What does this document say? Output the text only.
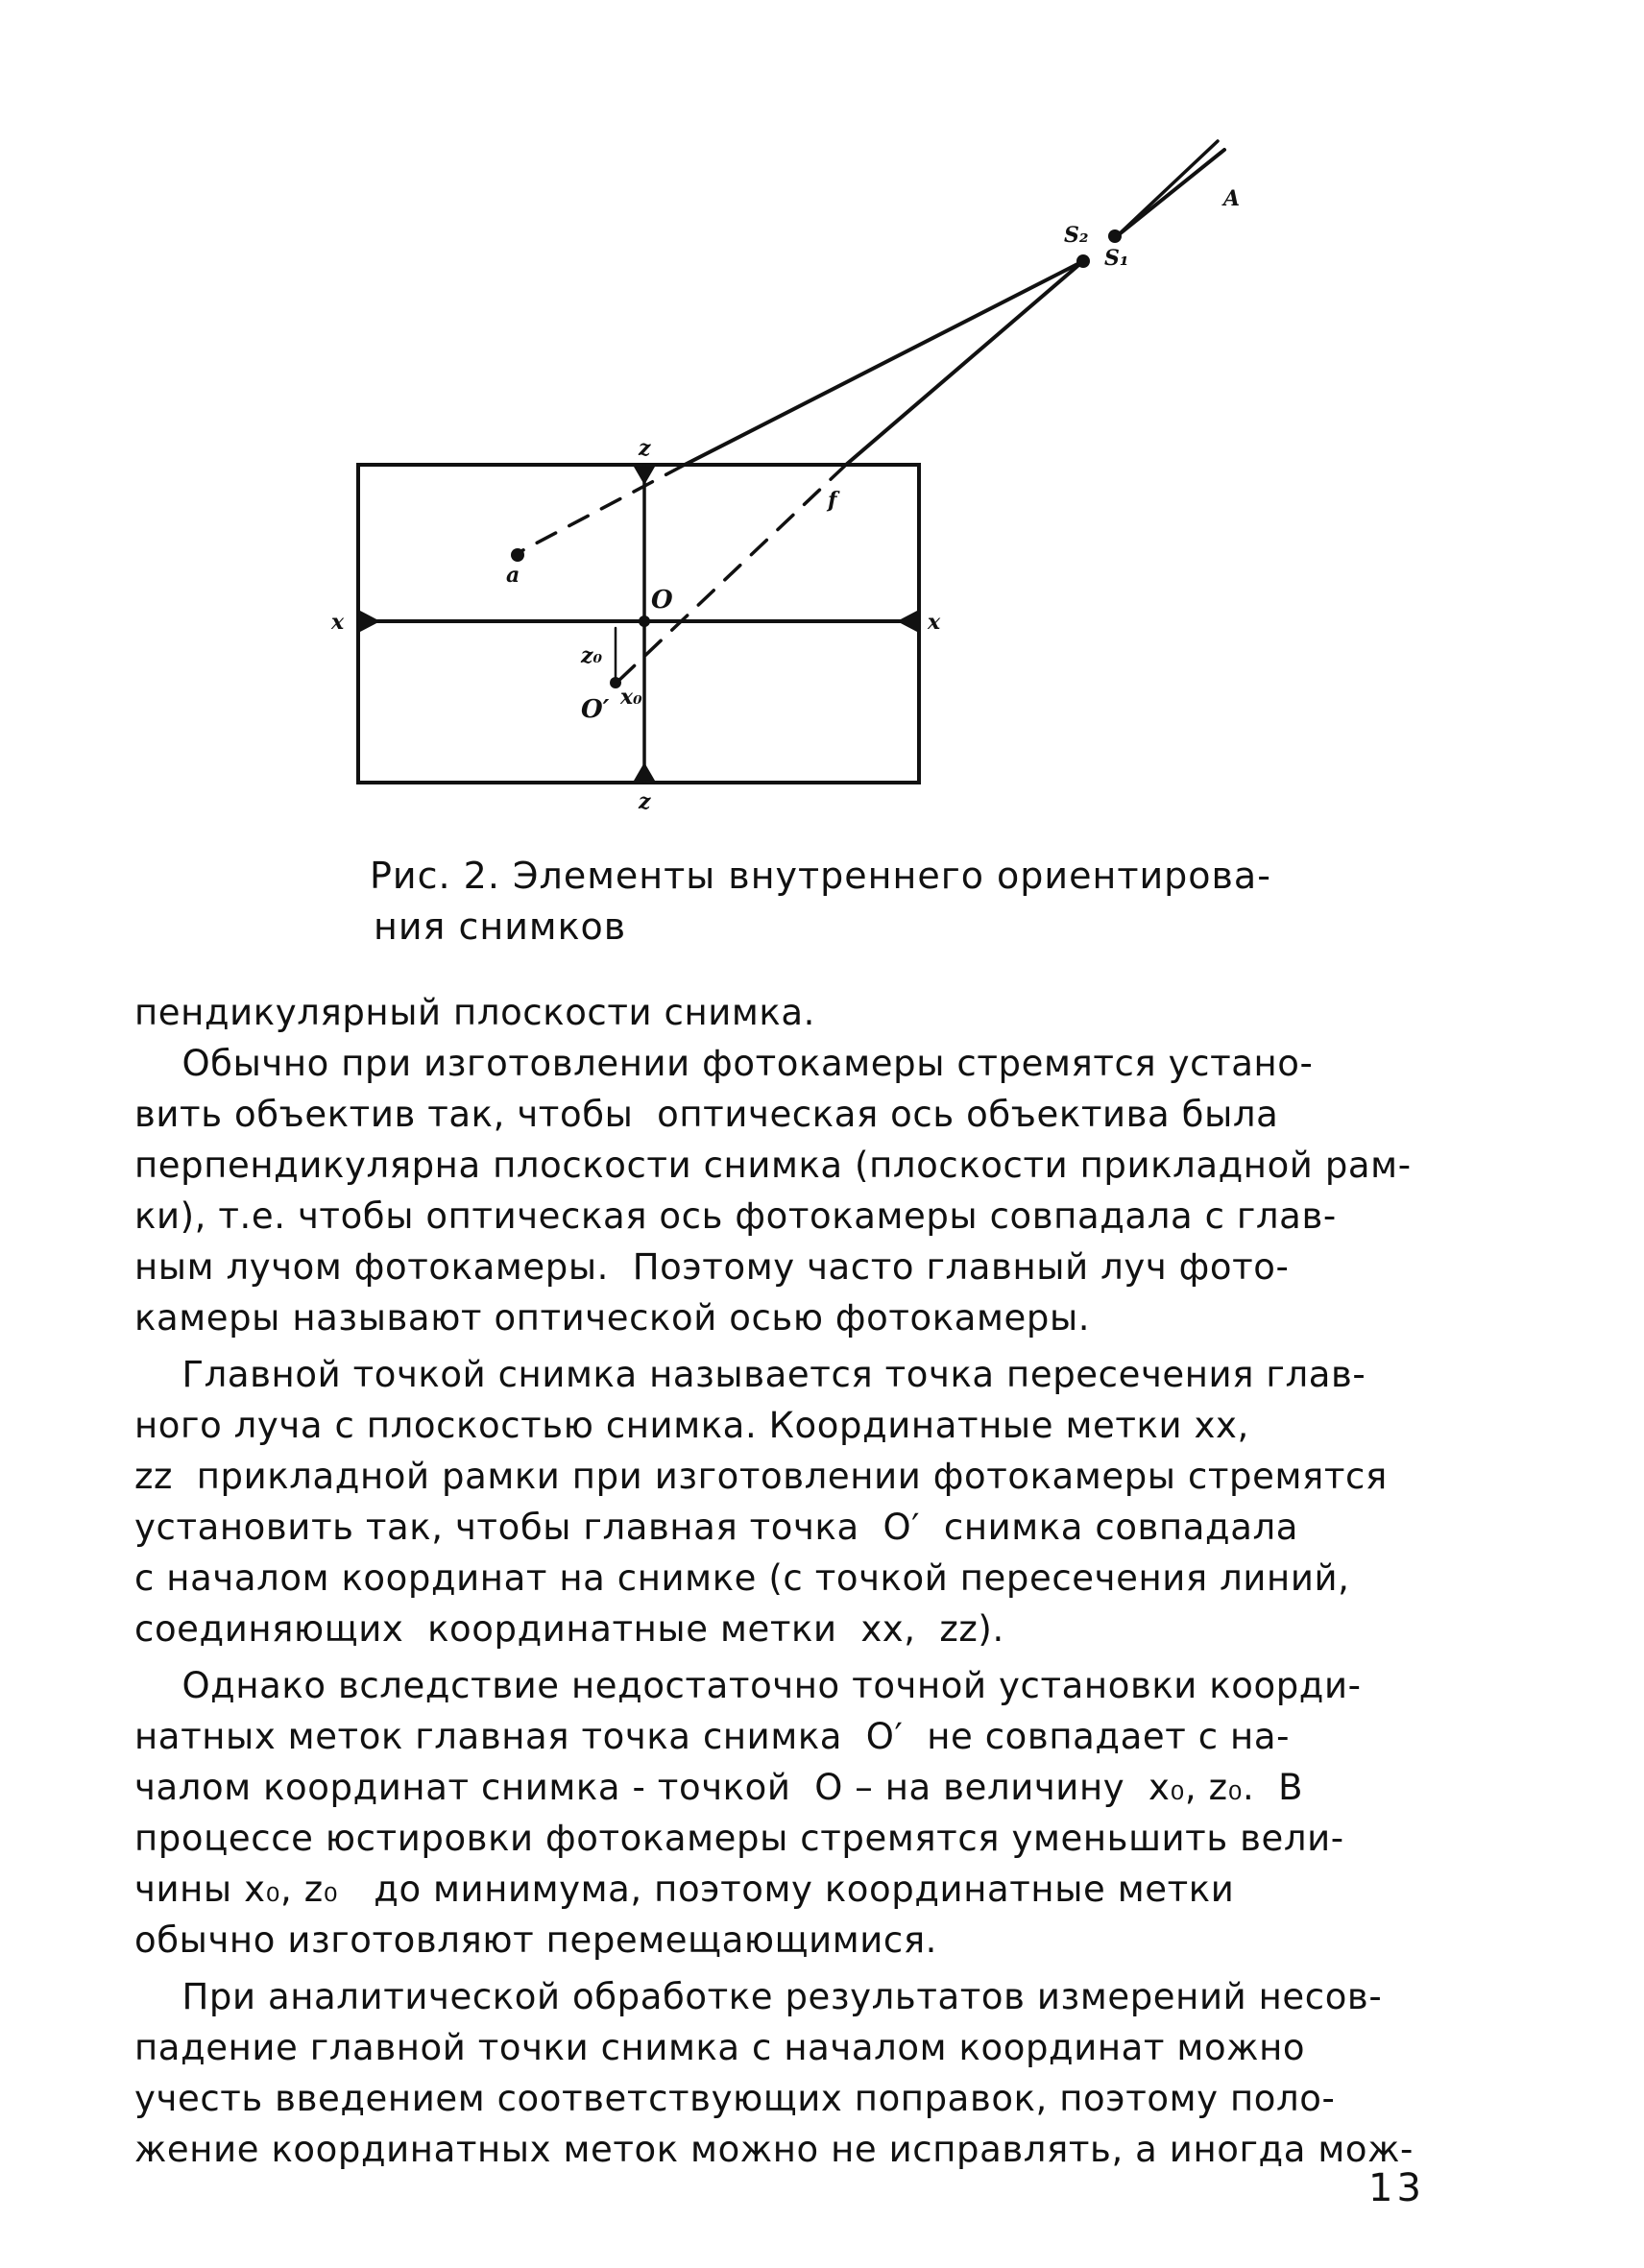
S₂
S₁
A
z
z
x	x
f
a
O
z₀
O′ x₀
Рис. 2. Элементы внутреннего ориентирова-
ния снимков
пендикулярный плоскости снимка.
Обычно при изготовлении фотокамеры стремятся устано-
вить объектив так, чтобы  оптическая ось объектива была
перпендикулярна плоскости снимка (плоскости прикладной рам-
ки), т.е. чтобы оптическая ось фотокамеры совпадала с глав-
ным лучом фотокамеры.  Поэтому часто главный луч фото-
камеры называют оптической осью фотокамеры.
Главной точкой снимка называется точка пересечения глав-
ного луча с плоскостью снимка. Координатные метки xx,
zz  прикладной рамки при изготовлении фотокамеры стремятся
установить так, чтобы главная точка  O′  снимка совпадала
с началом координат на снимке (с точкой пересечения линий,
соединяющих  координатные метки  xx,  zz).
Однако вследствие недостаточно точной установки коорди-
натных меток главная точка снимка  O′  не совпадает с на-
чалом координат снимка - точкой  O – на величину  x₀, z₀.  В
процессе юстировки фотокамеры стремятся уменьшить вели-
чины x₀, z₀   до минимума, поэтому координатные метки
обычно изготовляют перемещающимися.
При аналитической обработке результатов измерений несов-
падение главной точки снимка с началом координат можно
учесть введением соответствующих поправок, поэтому поло-
жение координатных меток можно не исправлять, а иногда мож-
13
